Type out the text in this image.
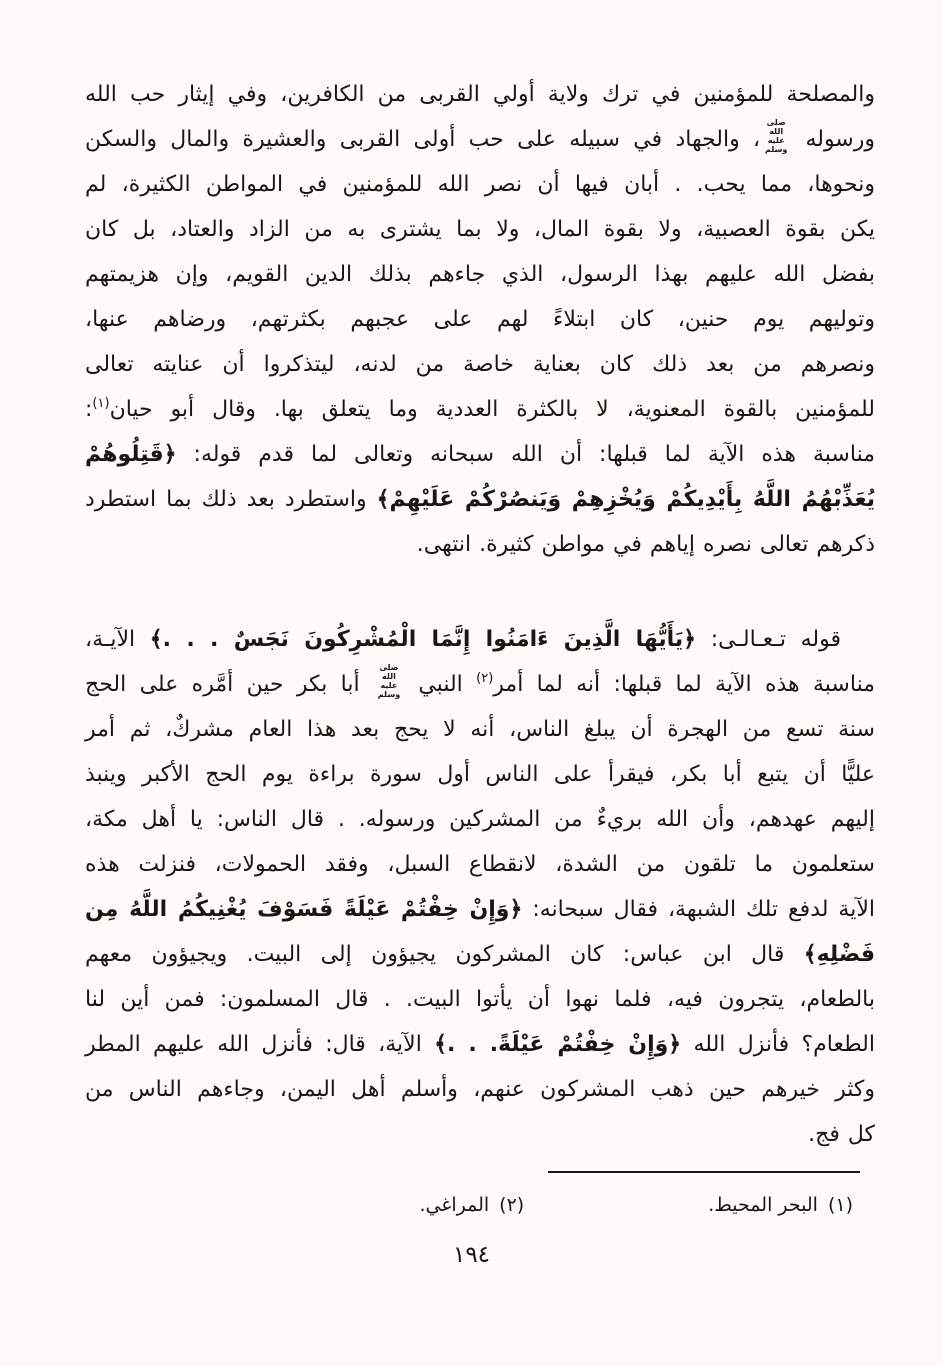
والمصلحة للمؤمنين في ترك ولاية أولي القربى من الكافرين، وفي إيثار حب الله
ورسوله صلى الله عليه وسلم، والجهاد في سبيله على حب أولى القربى والعشيرة والمال والسكن
ونحوها، مما يحب. . أبان فيها أن نصر الله للمؤمنين في المواطن الكثيرة، لم
يكن بقوة العصبية، ولا بقوة المال، ولا بما يشترى به من الزاد والعتاد، بل كان
بفضل الله عليهم بهذا الرسول، الذي جاءهم بذلك الدين القويم، وإن هزيمتهم
وتوليهم يوم حنين، كان ابتلاءً لهم على عجبهم بكثرتهم، ورضاهم عنها،
ونصرهم من بعد ذلك كان بعناية خاصة من لدنه، ليتذكروا أن عنايته تعالى
للمؤمنين بالقوة المعنوية، لا بالكثرة العددية وما يتعلق بها. وقال أبو حيان(١):
مناسبة هذه الآية لما قبلها: أن الله سبحانه وتعالى لما قدم قوله: ﴿قَتِلُوهُمْ
يُعَذِّبْهُمُ اللَّهُ بِأَيْدِيكُمْ وَيُخْزِهِمْ وَيَنصُرْكُمْ عَلَيْهِمْ﴾ واستطرد بعد ذلك بما استطرد
ذكرهم تعالى نصره إياهم في مواطن كثيرة. انتهى.
قوله تـعـالـى: ﴿يَأَيُّهَا الَّذِينَ ءَامَنُوا إِنَّمَا الْمُشْرِكُونَ نَجَسٌ . . .﴾ الآيـة،
مناسبة هذه الآية لما قبلها: أنه لما أمر(٢) النبي صلى الله عليه وسلم أبا بكر حين أمَّره على الحج
سنة تسع من الهجرة أن يبلغ الناس، أنه لا يحج بعد هذا العام مشركٌ، ثم أمر
عليًّا أن يتبع أبا بكر، فيقرأ على الناس أول سورة براءة يوم الحج الأكبر وينبذ
إليهم عهدهم، وأن الله بريءٌ من المشركين ورسوله. . قال الناس: يا أهل مكة،
ستعلمون ما تلقون من الشدة، لانقطاع السبل، وفقد الحمولات، فنزلت هذه
الآية لدفع تلك الشبهة، فقال سبحانه: ﴿وَإِنْ خِفْتُمْ عَيْلَةً فَسَوْفَ يُغْنِيكُمُ اللَّهُ مِن
فَضْلِهِ﴾ قال ابن عباس: كان المشركون يجيؤون إلى البيت. ويجيؤون معهم
بالطعام، يتجرون فيه، فلما نهوا أن يأتوا البيت. . قال المسلمون: فمن أين لنا
الطعام؟ فأنزل الله ﴿وَإِنْ خِفْتُمْ عَيْلَةً. . .﴾ الآية، قال: فأنزل الله عليهم المطر
وكثر خيرهم حين ذهب المشركون عنهم، وأسلم أهل اليمن، وجاءهم الناس من
كل فج.
(١)البحر المحيط.
(٢)المراغي.
١٩٤
